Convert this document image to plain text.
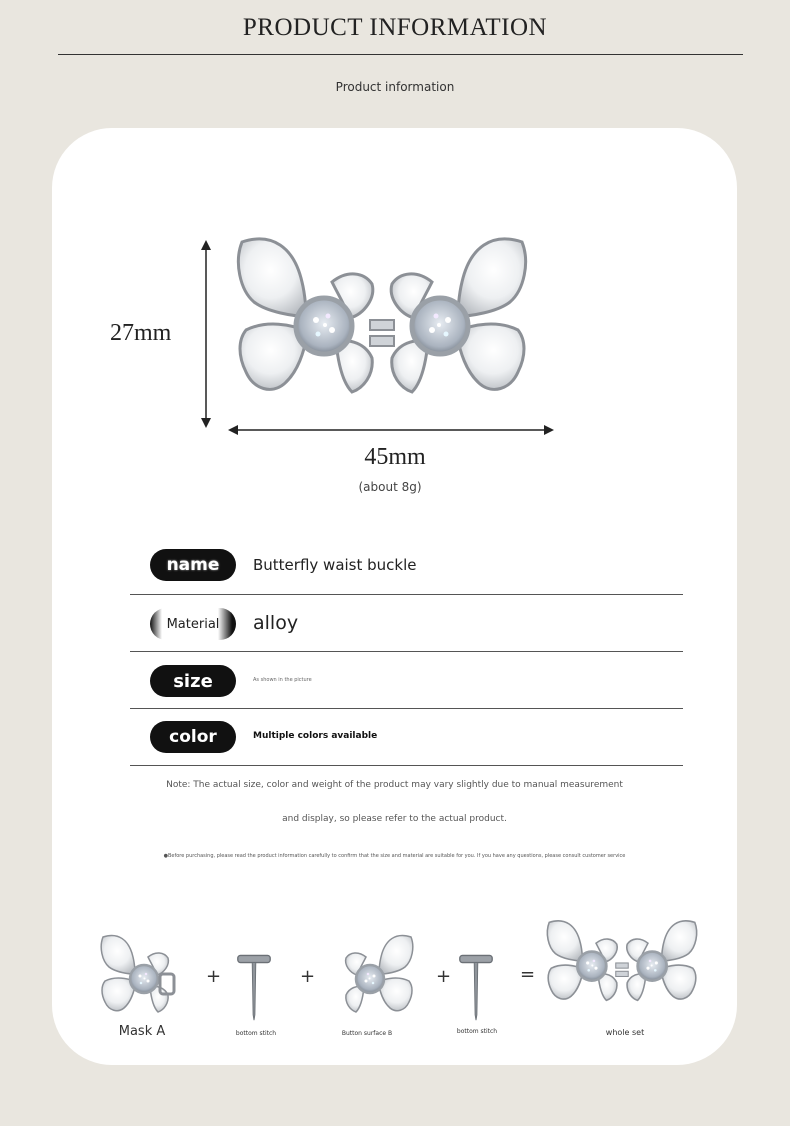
PRODUCT INFORMATION
Product information
27mm
45mm
(about 8g)
name	Butterfly waist buckle
Material	alloy
size	As shown in the picture
color	Multiple colors available
Note: The actual size, color and weight of the product may vary slightly due to manual measurement
and display, so please refer to the actual product.
●Before purchasing, please read the product information carefully to confirm that the size and material are suitable for you. If you have any questions, please consult customer service
Mask A
+
bottom stitch
+
Button surface B
+
bottom stitch
=
whole set
